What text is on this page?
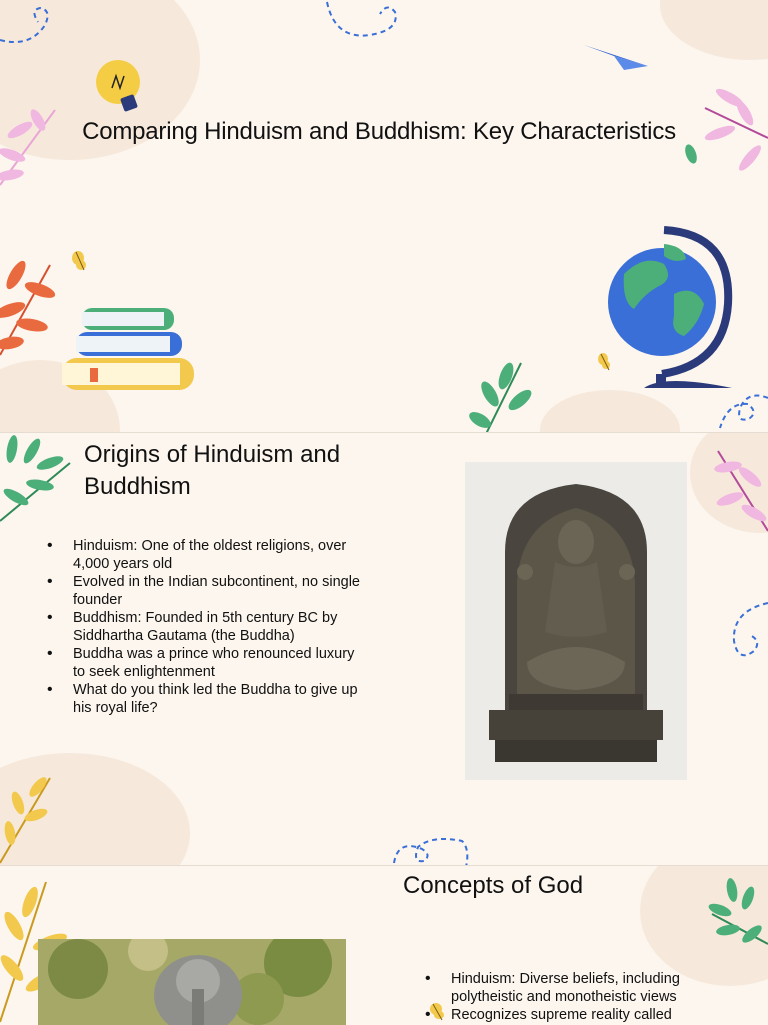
Comparing Hinduism and Buddhism: Key Characteristics
Origins of Hinduism and Buddhism
• Hinduism: One of the oldest religions, over 4,000 years old
• Evolved in the Indian subcontinent, no single founder
• Buddhism: Founded in 5th century BC by Siddhartha Gautama (the Buddha)
• Buddha was a prince who renounced luxury to seek enlightenment
• What do you think led the Buddha to give up his royal life?
Concepts of God
• Hinduism: Diverse beliefs, including polytheistic and monotheistic views
• Recognizes supreme reality called
